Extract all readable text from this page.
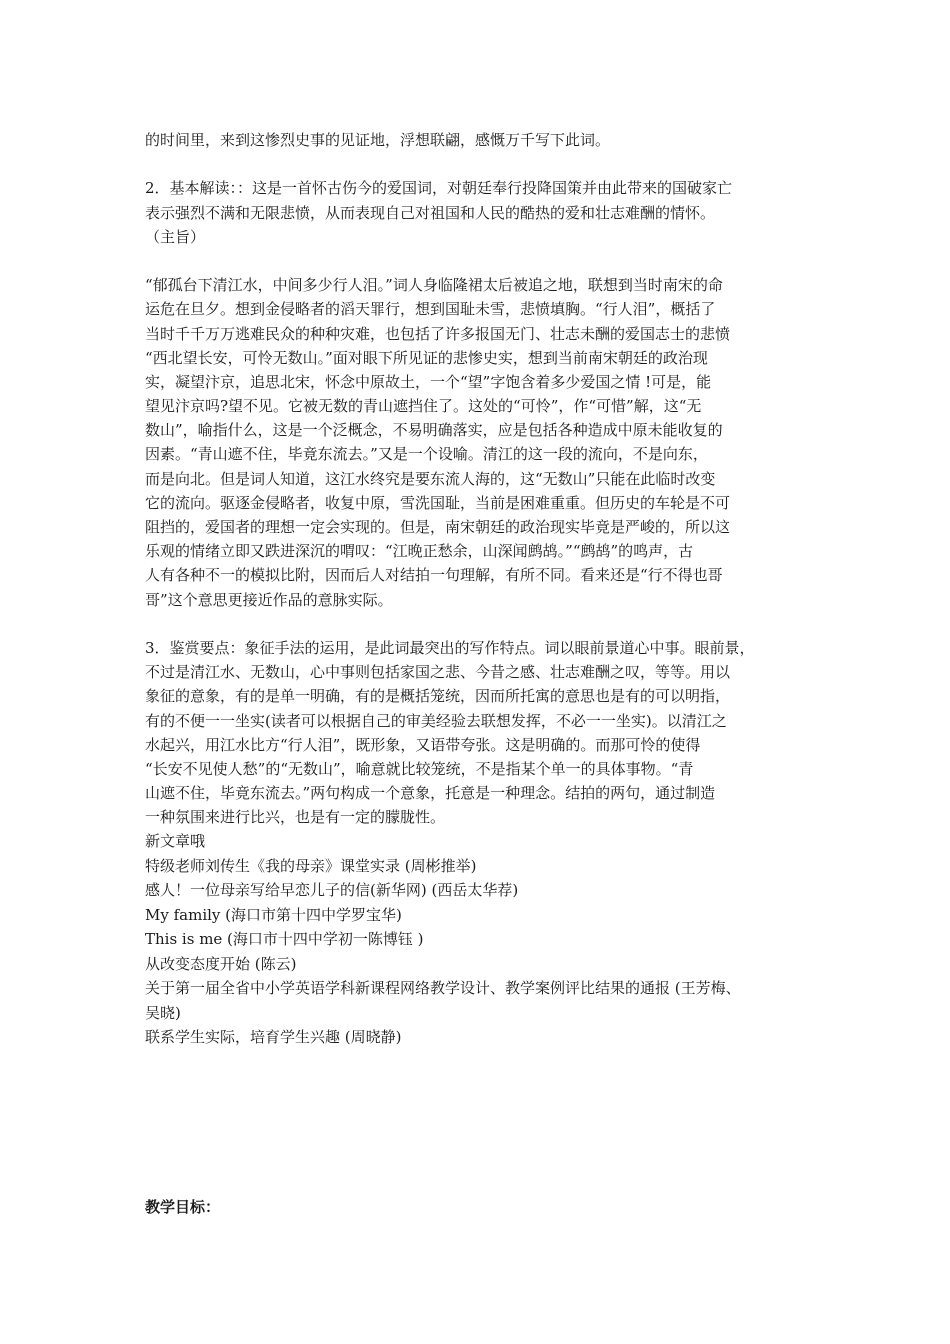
的时间里，来到这惨烈史事的见证地，浮想联翩，感慨万千写下此词。
2．基本解读：：这是一首怀古伤今的爱国词，对朝廷奉行投降国策并由此带来的国破家亡
表示强烈不满和无限悲愤，从而表现自己对祖国和人民的酷热的爱和壮志难酬的情怀。
（主旨）
“郁孤台下清江水，中间多少行人泪。”词人身临隆裙太后被追之地，联想到当时南宋的命
运危在旦夕。想到金侵略者的滔天罪行，想到国耻未雪，悲愤填胸。“行人泪”，概括了
当时千千万万逃难民众的种种灾难，也包括了许多报国无门、壮志未酬的爱国志士的悲愤
“西北望长安，可怜无数山。”面对眼下所见证的悲惨史实，想到当前南宋朝廷的政治现
实，凝望汴京，追思北宋，怀念中原故土，一个“望”字饱含着多少爱国之情 !可是，能
望见汴京吗?望不见。它被无数的青山遮挡住了。这处的“可怜”，作“可惜”解，这“无
数山”，喻指什么，这是一个泛概念，不易明确落实，应是包括各种造成中原未能收复的
因素。“青山遮不住，毕竟东流去。”又是一个设喻。清江的这一段的流向，不是向东，
而是向北。但是词人知道，这江水终究是要东流人海的，这“无数山”只能在此临时改变
它的流向。驱逐金侵略者，收复中原，雪洗国耻，当前是困难重重。但历史的车轮是不可
阻挡的，爱国者的理想一定会实现的。但是，南宋朝廷的政治现实毕竟是严峻的，所以这
乐观的情绪立即又跌进深沉的喟叹：“江晚正愁余，山深闻鹧鸪。”“鹧鸪”的鸣声，古
人有各种不一的模拟比附，因而后人对结拍一句理解，有所不同。看来还是“行不得也哥
哥”这个意思更接近作品的意脉实际。
3．鉴赏要点：象征手法的运用，是此词最突出的写作特点。词以眼前景道心中事。眼前景，
不过是清江水、无数山，心中事则包括家国之悲、今昔之感、壮志难酬之叹，等等。用以
象征的意象，有的是单一明确，有的是概括笼统，因而所托寓的意思也是有的可以明指，
有的不便一一坐实(读者可以根据自己的审美经验去联想发挥，不必一一坐实)。以清江之
水起兴，用江水比方“行人泪”，既形象，又语带夸张。这是明确的。而那可怜的使得
“长安不见使人愁”的“无数山”，喻意就比较笼统，不是指某个单一的具体事物。“青
山遮不住，毕竟东流去。”两句构成一个意象，托意是一种理念。结拍的两句，通过制造
一种氛围来进行比兴，也是有一定的朦胧性。
新文章哦
特级老师刘传生《我的母亲》课堂实录 (周彬推举)
感人！一位母亲写给早恋儿子的信(新华网) (西岳太华荐)
My family (海口市第十四中学罗宝华)
This is me (海口市十四中学初一陈博钰 )
从改变态度开始 (陈云)
关于第一届全省中小学英语学科新课程网络教学设计、教学案例评比结果的通报 (王芳梅、
吴晓)
联系学生实际，培育学生兴趣 (周晓静)
教学目标：
